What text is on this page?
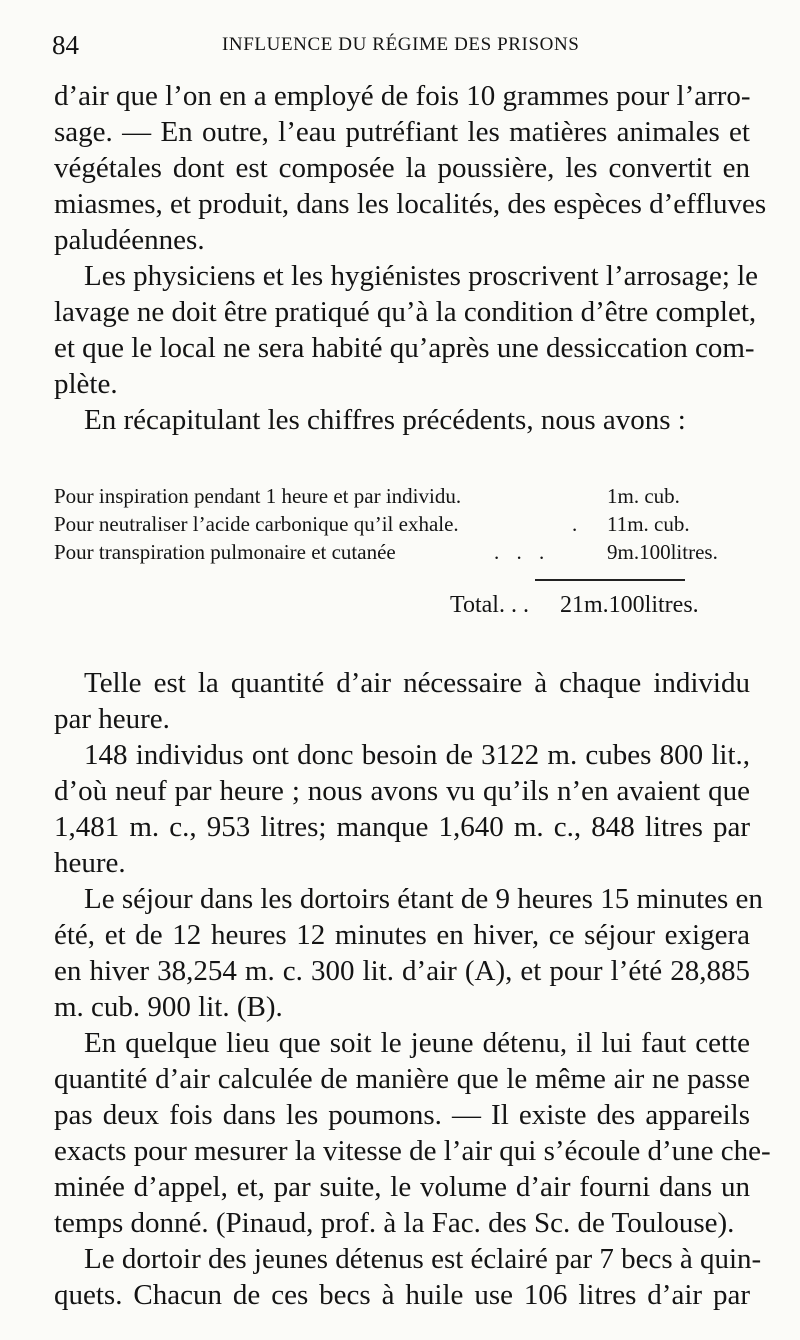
84	INFLUENCE DU RÉGIME DES PRISONS
d’air que l’on en a employé de fois 10 grammes pour l’arro-
sage. — En outre, l’eau putréfiant les matières animales et
végétales dont est composée la poussière, les convertit en
miasmes, et produit, dans les localités, des espèces d’effluves
paludéennes.
Les physiciens et les hygiénistes proscrivent l’arrosage; le
lavage ne doit être pratiqué qu’à la condition d’être complet,
et que le local ne sera habité qu’après une dessiccation com-
plète.
En récapitulant les chiffres précédents, nous avons :
Pour inspiration pendant 1 heure et par individu.	1m. cub.
Pour neutraliser l’acide carbonique qu’il exhale.	. 11m. cub.
Pour transpiration pulmonaire et cutanée	. . .	9m.100litres.
Total. . . 21m.100litres.
Telle est la quantité d’air nécessaire à chaque individu
par heure.
148 individus ont donc besoin de 3122 m. cubes 800 lit.,
d’où neuf par heure ; nous avons vu qu’ils n’en avaient que
1,481 m. c., 953 litres; manque 1,640 m. c., 848 litres par
heure.
Le séjour dans les dortoirs étant de 9 heures 15 minutes en
été, et de 12 heures 12 minutes en hiver, ce séjour exigera
en hiver 38,254 m. c. 300 lit. d’air (A), et pour l’été 28,885
m. cub. 900 lit. (B).
En quelque lieu que soit le jeune détenu, il lui faut cette
quantité d’air calculée de manière que le même air ne passe
pas deux fois dans les poumons. — Il existe des appareils
exacts pour mesurer la vitesse de l’air qui s’écoule d’une che-
minée d’appel, et, par suite, le volume d’air fourni dans un
temps donné. (Pinaud, prof. à la Fac. des Sc. de Toulouse).
Le dortoir des jeunes détenus est éclairé par 7 becs à quin-
quets. Chacun de ces becs à huile use 106 litres d’air par
